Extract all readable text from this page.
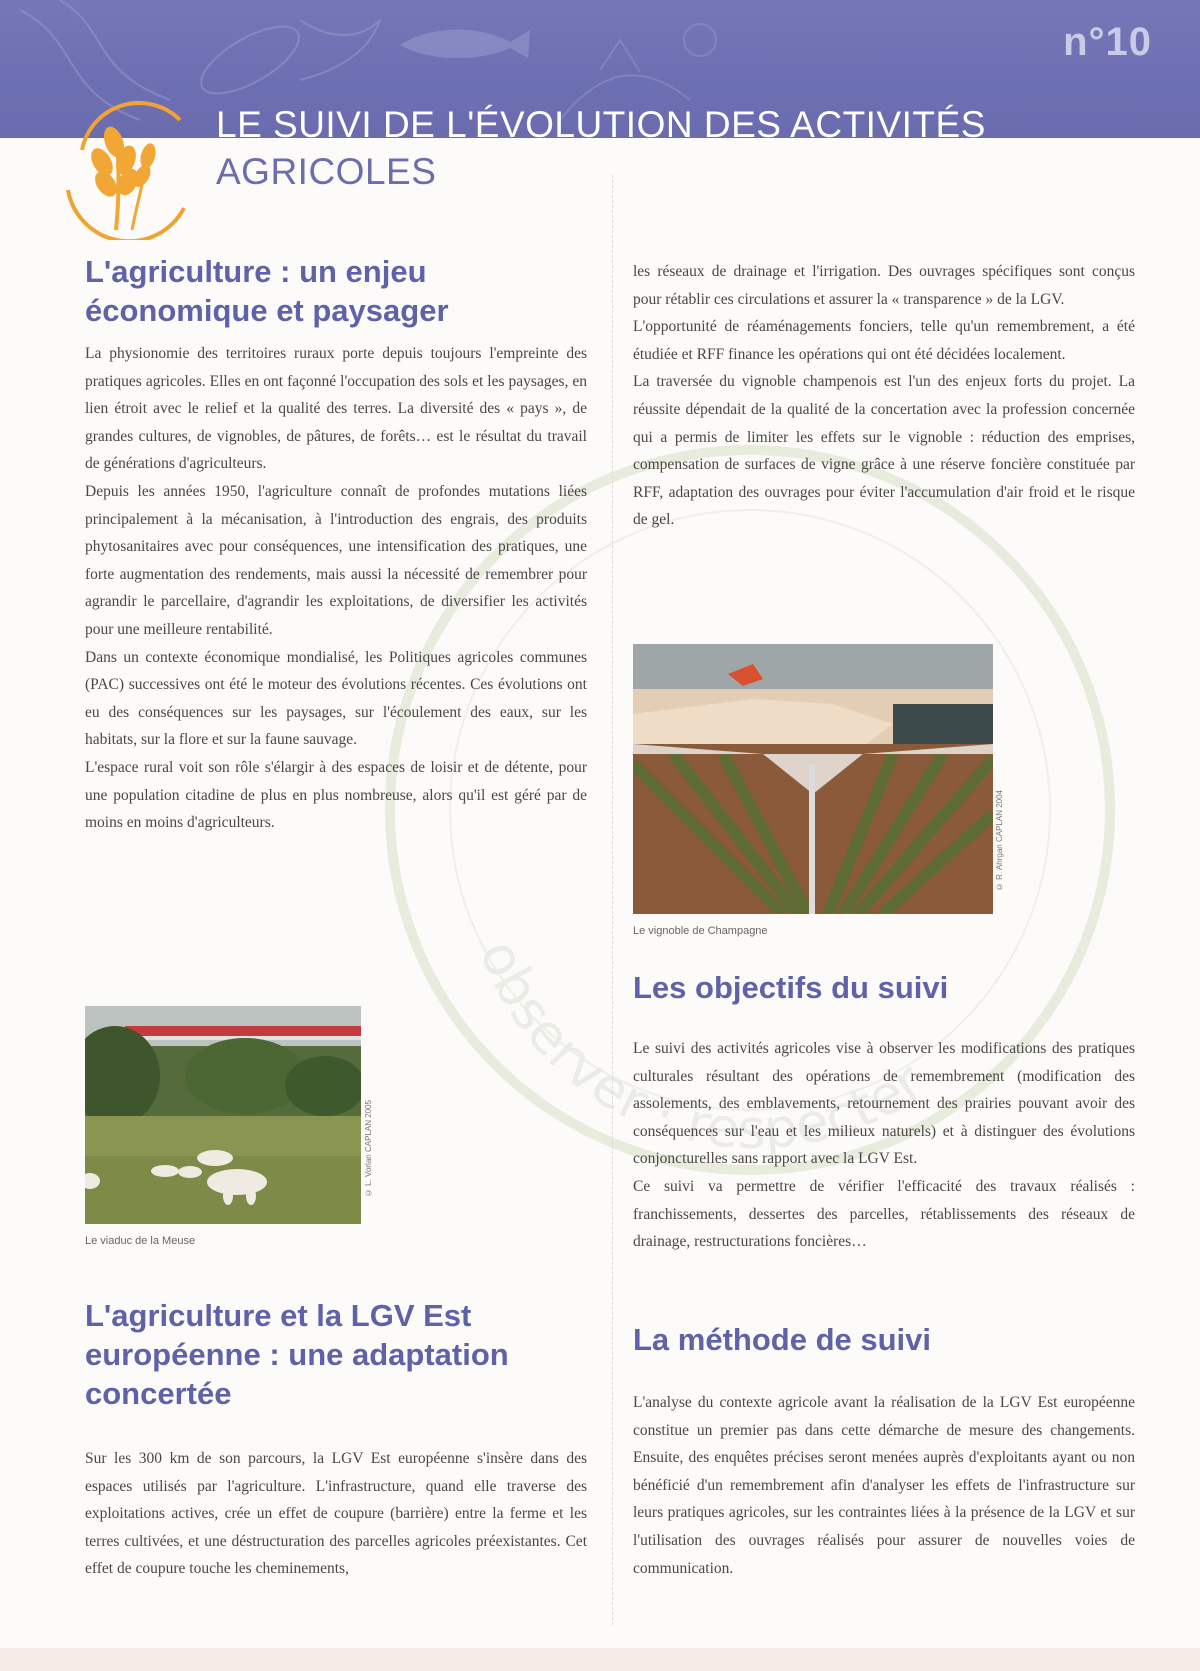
n°10
LE SUIVI DE L'ÉVOLUTION DES ACTIVITÉS
AGRICOLES
observer · respecter
L'agriculture : un enjeu économique et paysager

La physionomie des territoires ruraux porte depuis toujours l'empreinte des pratiques agricoles. Elles en ont façonné l'occupation des sols et les paysages, en lien étroit avec le relief et la qualité des terres. La diversité des « pays », de grandes cultures, de vignobles, de pâtures, de forêts… est le résultat du travail de générations d'agriculteurs.

Depuis les années 1950, l'agriculture connaît de profondes mutations liées principalement à la mécanisation, à l'introduction des engrais, des produits phytosanitaires avec pour conséquences, une intensification des pratiques, une forte augmentation des rendements, mais aussi la nécessité de remembrer pour agrandir le parcellaire, d'agrandir les exploitations, de diversifier les activités pour une meilleure rentabilité.

Dans un contexte économique mondialisé, les Politiques agricoles communes (PAC) successives ont été le moteur des évolutions récentes. Ces évolutions ont eu des conséquences sur les paysages, sur l'écoulement des eaux, sur les habitats, sur la flore et sur la faune sauvage.

L'espace rural voit son rôle s'élargir à des espaces de loisir et de détente, pour une population citadine de plus en plus nombreuse, alors qu'il est géré par de moins en moins d'agriculteurs.

© L. Vorlan CAPLAN 2005
Le viaduc de la Meuse
L'agriculture et la LGV Est européenne : une adaptation concertée

Sur les 300 km de son parcours, la LGV Est européenne s'insère dans des espaces utilisés par l'agriculture. L'infrastructure, quand elle traverse des exploitations actives, crée un effet de coupure (barrière) entre la ferme et les terres cultivées, et une déstructuration des parcelles agricoles préexistantes. Cet effet de coupure touche les cheminements,

les réseaux de drainage et l'irrigation. Des ouvrages spécifiques sont conçus pour rétablir ces circulations et assurer la « transparence » de la LGV.

L'opportunité de réaménagements fonciers, telle qu'un remembrement, a été étudiée et RFF finance les opérations qui ont été décidées localement.

La traversée du vignoble champenois est l'un des enjeux forts du projet. La réussite dépendait de la qualité de la concertation avec la profession concernée qui a permis de limiter les effets sur le vignoble : réduction des emprises, compensation de surfaces de vigne grâce à une réserve foncière constituée par RFF, adaptation des ouvrages pour éviter l'accumulation d'air froid et le risque de gel.

© R. Ahrgan CAPLAN 2004
Le vignoble de Champagne
Les objectifs du suivi

Le suivi des activités agricoles vise à observer les modifications des pratiques culturales résultant des opérations de remembrement (modification des assolements, des emblavements, retournement des prairies pouvant avoir des conséquences sur l'eau et les milieux naturels) et à distinguer des évolutions conjoncturelles sans rapport avec la LGV Est.

Ce suivi va permettre de vérifier l'efficacité des travaux réalisés : franchissements, dessertes des parcelles, rétablissements des réseaux de drainage, restructurations foncières…

La méthode de suivi

L'analyse du contexte agricole avant la réalisation de la LGV Est européenne constitue un premier pas dans cette démarche de mesure des changements. Ensuite, des enquêtes précises seront menées auprès d'exploitants ayant ou non bénéficié d'un remembrement afin d'analyser les effets de l'infrastructure sur leurs pratiques agricoles, sur les contraintes liées à la présence de la LGV et sur l'utilisation des ouvrages réalisés pour assurer de nouvelles voies de communication.
